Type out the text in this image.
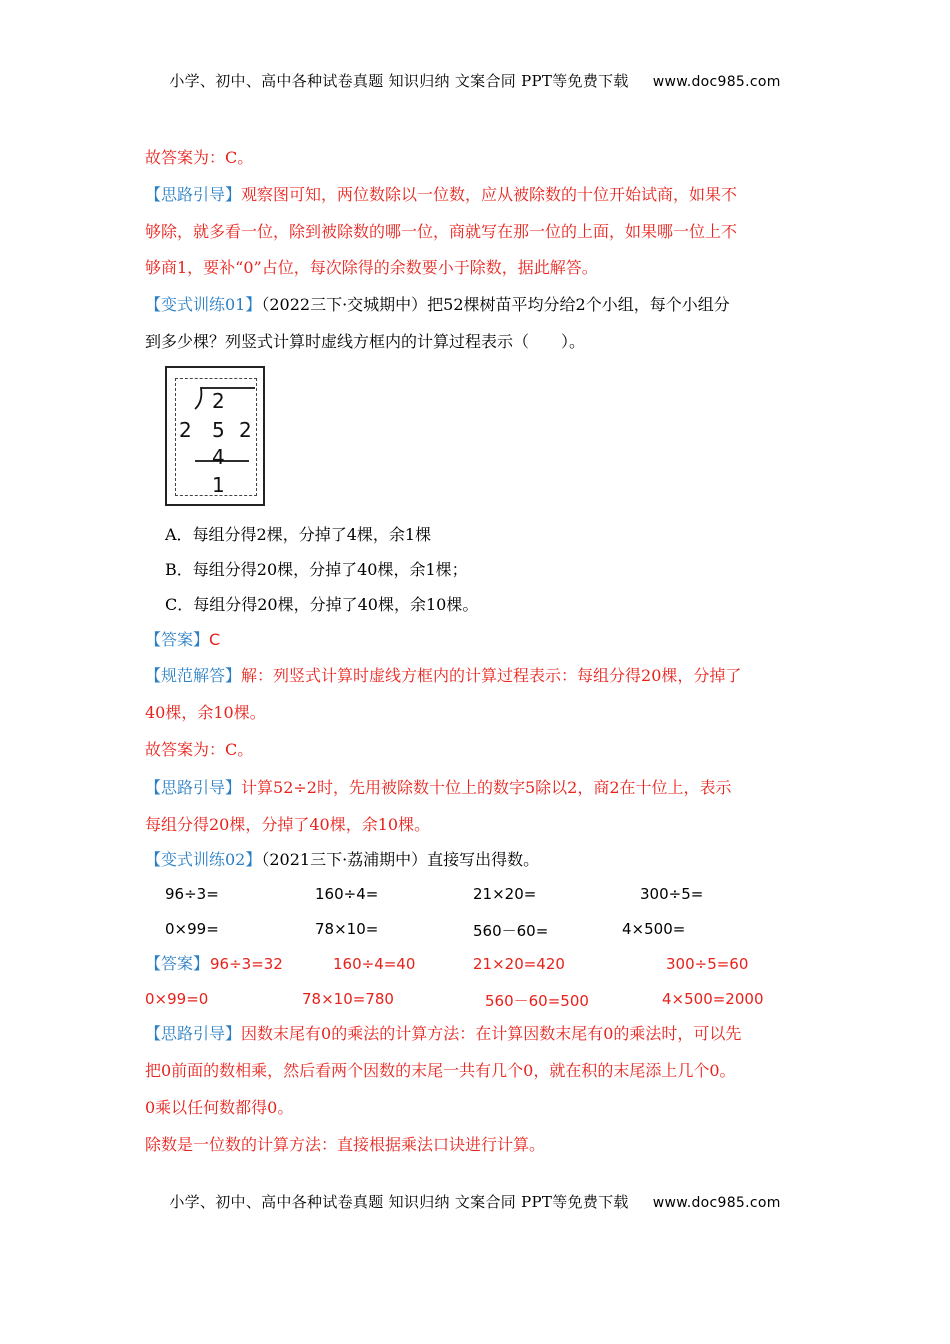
小学、初中、高中各种试卷真题 知识归纳 文案合同 PPT等免费下载 www.doc985.com
故答案为：C。
【思路引导】观察图可知，两位数除以一位数，应从被除数的十位开始试商，如果不
够除，就多看一位，除到被除数的哪一位，商就写在那一位的上面，如果哪一位上不
够商1，要补“0”占位，每次除得的余数要小于除数，据此解答。
【变式训练01】（2022三下·交城期中）把52棵树苗平均分给2个小组，每个小组分
到多少棵？列竖式计算时虚线方框内的计算过程表示（　　）。
2
2 5 2
4
1
A．每组分得2棵，分掉了4棵，余1棵
B．每组分得20棵，分掉了40棵，余1棵；
C．每组分得20棵，分掉了40棵，余10棵。
【答案】C
【规范解答】解：列竖式计算时虚线方框内的计算过程表示：每组分得20棵，分掉了
40棵，余10棵。
故答案为：C。
【思路引导】计算52÷2时，先用被除数十位上的数字5除以2，商2在十位上，表示
每组分得20棵，分掉了40棵，余10棵。
【变式训练02】（2021三下·荔浦期中）直接写出得数。
96÷3=	160÷4=	21×20=	300÷5=
0×99=	78×10=	560－60=	4×500=
【答案】 96÷3=32	160÷4=40	21×20=420	300÷5=60
0×99=0	78×10=780	560－60=500	4×500=2000
【思路引导】因数末尾有0的乘法的计算方法：在计算因数末尾有0的乘法时，可以先
把0前面的数相乘，然后看两个因数的末尾一共有几个0，就在积的末尾添上几个0。
0乘以任何数都得0。
除数是一位数的计算方法：直接根据乘法口诀进行计算。
小学、初中、高中各种试卷真题 知识归纳 文案合同 PPT等免费下载 www.doc985.com
